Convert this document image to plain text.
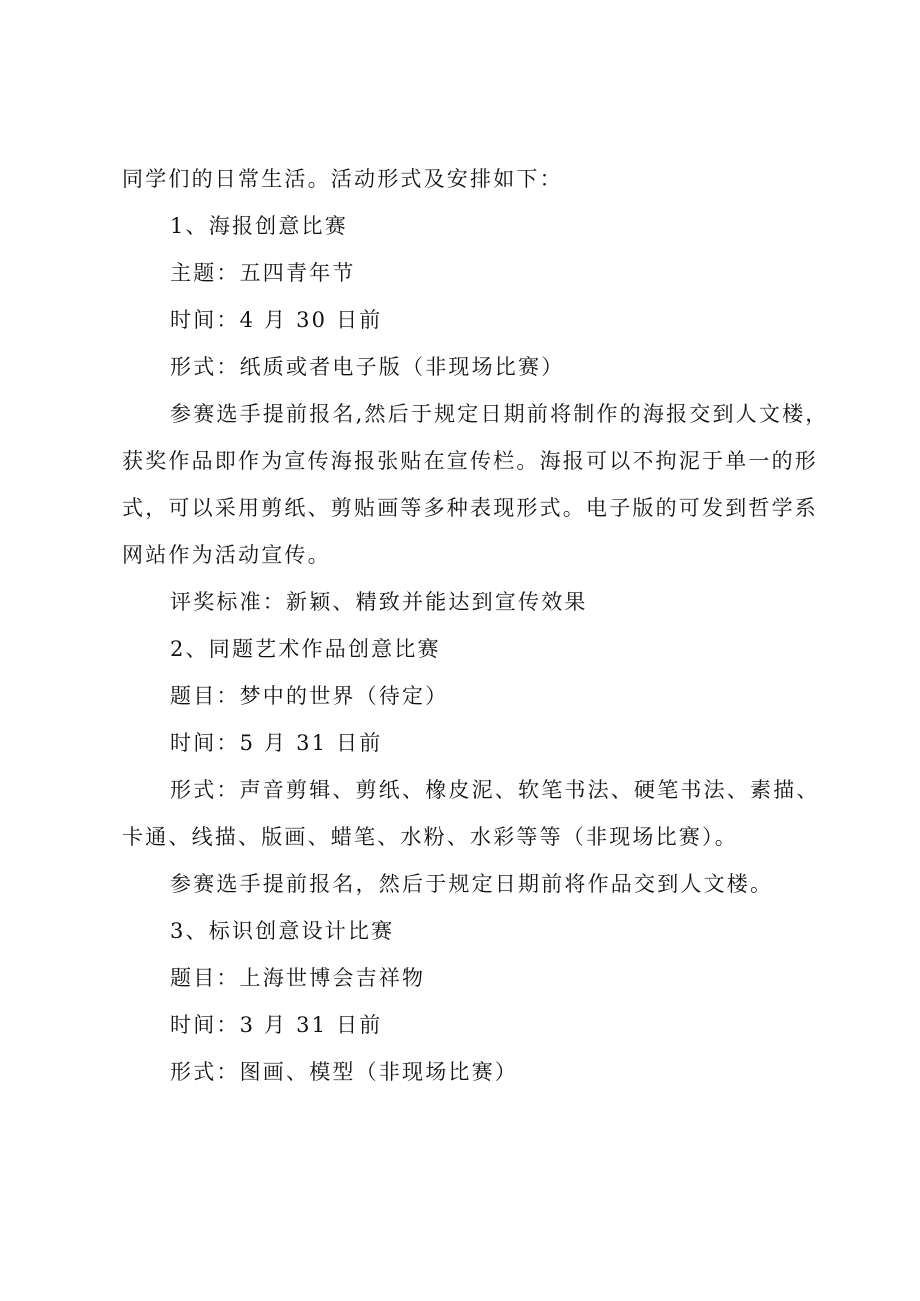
同学们的日常生活。活动形式及安排如下：

1、海报创意比赛

主题：五四青年节

时间：4 月 30 日前

形式：纸质或者电子版（非现场比赛）

参赛选手提前报名,然后于规定日期前将制作的海报交到人文楼，

获奖作品即作为宣传海报张贴在宣传栏。海报可以不拘泥于单一的形

式，可以采用剪纸、剪贴画等多种表现形式。电子版的可发到哲学系

网站作为活动宣传。

评奖标准：新颖、精致并能达到宣传效果

2、同题艺术作品创意比赛

题目：梦中的世界（待定）

时间：5 月 31 日前

形式：声音剪辑、剪纸、橡皮泥、软笔书法、硬笔书法、素描、

卡通、线描、版画、蜡笔、水粉、水彩等等（非现场比赛）。

参赛选手提前报名，然后于规定日期前将作品交到人文楼。

3、标识创意设计比赛

题目：上海世博会吉祥物

时间：3 月 31 日前

形式：图画、模型（非现场比赛）
